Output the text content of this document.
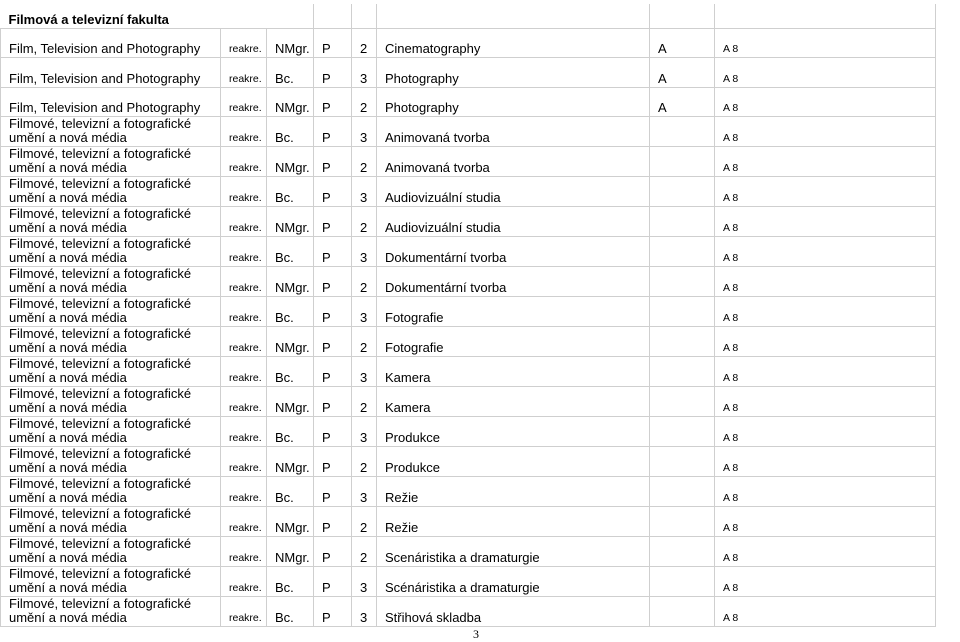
Filmová a televizní fakulta							

Film, Television and Photography	reakre.	NMgr.	P	2	Cinematography	A	A 8

Film, Television and Photography	reakre.	Bc.	P	3	Photography	A	A 8

Film, Television and Photography	reakre.	NMgr.	P	2	Photography	A	A 8

Filmové, televizní a fotografické
umění a nová média	reakre.	Bc.	P	3	Animovaná tvorba		A 8

Filmové, televizní a fotografické
umění a nová média	reakre.	NMgr.	P	2	Animovaná tvorba		A 8

Filmové, televizní a fotografické
umění a nová média	reakre.	Bc.	P	3	Audiovizuální studia		A 8

Filmové, televizní a fotografické
umění a nová média	reakre.	NMgr.	P	2	Audiovizuální studia		A 8

Filmové, televizní a fotografické
umění a nová média	reakre.	Bc.	P	3	Dokumentární tvorba		A 8

Filmové, televizní a fotografické
umění a nová média	reakre.	NMgr.	P	2	Dokumentární tvorba		A 8

Filmové, televizní a fotografické
umění a nová média	reakre.	Bc.	P	3	Fotografie		A 8

Filmové, televizní a fotografické
umění a nová média	reakre.	NMgr.	P	2	Fotografie		A 8

Filmové, televizní a fotografické
umění a nová média	reakre.	Bc.	P	3	Kamera		A 8

Filmové, televizní a fotografické
umění a nová média	reakre.	NMgr.	P	2	Kamera		A 8

Filmové, televizní a fotografické
umění a nová média	reakre.	Bc.	P	3	Produkce		A 8

Filmové, televizní a fotografické
umění a nová média	reakre.	NMgr.	P	2	Produkce		A 8

Filmové, televizní a fotografické
umění a nová média	reakre.	Bc.	P	3	Režie		A 8

Filmové, televizní a fotografické
umění a nová média	reakre.	NMgr.	P	2	Režie		A 8

Filmové, televizní a fotografické
umění a nová média	reakre.	NMgr.	P	2	Scenáristika a dramaturgie		A 8

Filmové, televizní a fotografické
umění a nová média	reakre.	Bc.	P	3	Scénáristika a dramaturgie		A 8

Filmové, televizní a fotografické
umění a nová média	reakre.	Bc.	P	3	Střihová skladba		A 8
3
